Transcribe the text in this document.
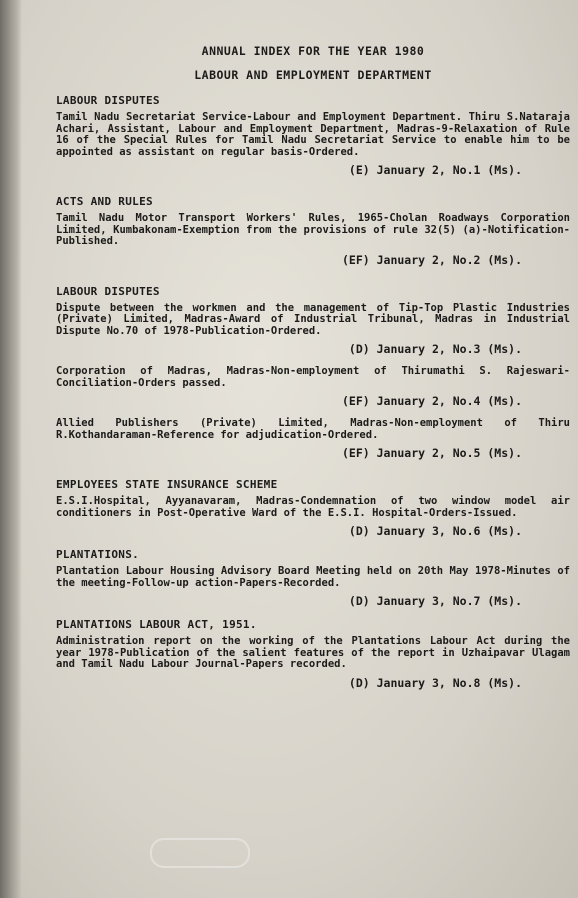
ANNUAL INDEX FOR THE YEAR 1980
LABOUR AND EMPLOYMENT DEPARTMENT
LABOUR DISPUTES
Tamil Nadu Secretariat Service-Labour and Employment Department. Thiru S.Nataraja Achari, Assistant, Labour and Employment Department, Madras-9-Relaxation of Rule 16 of the Special Rules for Tamil Nadu Secretariat Service to enable him to be appointed as assistant on regular basis-Ordered.
(E) January 2, No.1 (Ms).
ACTS AND RULES
Tamil Nadu Motor Transport Workers' Rules, 1965-Cholan Roadways Corporation Limited, Kumbakonam-Exemption from the provisions of rule 32(5) (a)-Notification-Published.
(EF) January 2, No.2 (Ms).
LABOUR DISPUTES
Dispute between the workmen and the management of Tip-Top Plastic Industries (Private) Limited, Madras-Award of Industrial Tribunal, Madras in Industrial Dispute No.70 of 1978-Publication-Ordered.
(D) January 2, No.3 (Ms).
Corporation of Madras, Madras-Non-employment of Thirumathi S. Rajeswari-Conciliation-Orders passed.
(EF) January 2, No.4 (Ms).
Allied Publishers (Private) Limited, Madras-Non-employment of Thiru R.Kothandaraman-Reference for adjudication-Ordered.
(EF) January 2, No.5 (Ms).
EMPLOYEES STATE INSURANCE SCHEME
E.S.I.Hospital, Ayyanavaram, Madras-Condemnation of two window model air conditioners in Post-Operative Ward of the E.S.I. Hospital-Orders-Issued.
(D) January 3, No.6 (Ms).
PLANTATIONS.
Plantation Labour Housing Advisory Board Meeting held on 20th May 1978-Minutes of the meeting-Follow-up action-Papers-Recorded.
(D) January 3, No.7 (Ms).
PLANTATIONS LABOUR ACT, 1951.
Administration report on the working of the Plantations Labour Act during the year 1978-Publication of the salient features of the report in Uzhaipavar Ulagam and Tamil Nadu Labour Journal-Papers recorded.
(D) January 3, No.8 (Ms).
